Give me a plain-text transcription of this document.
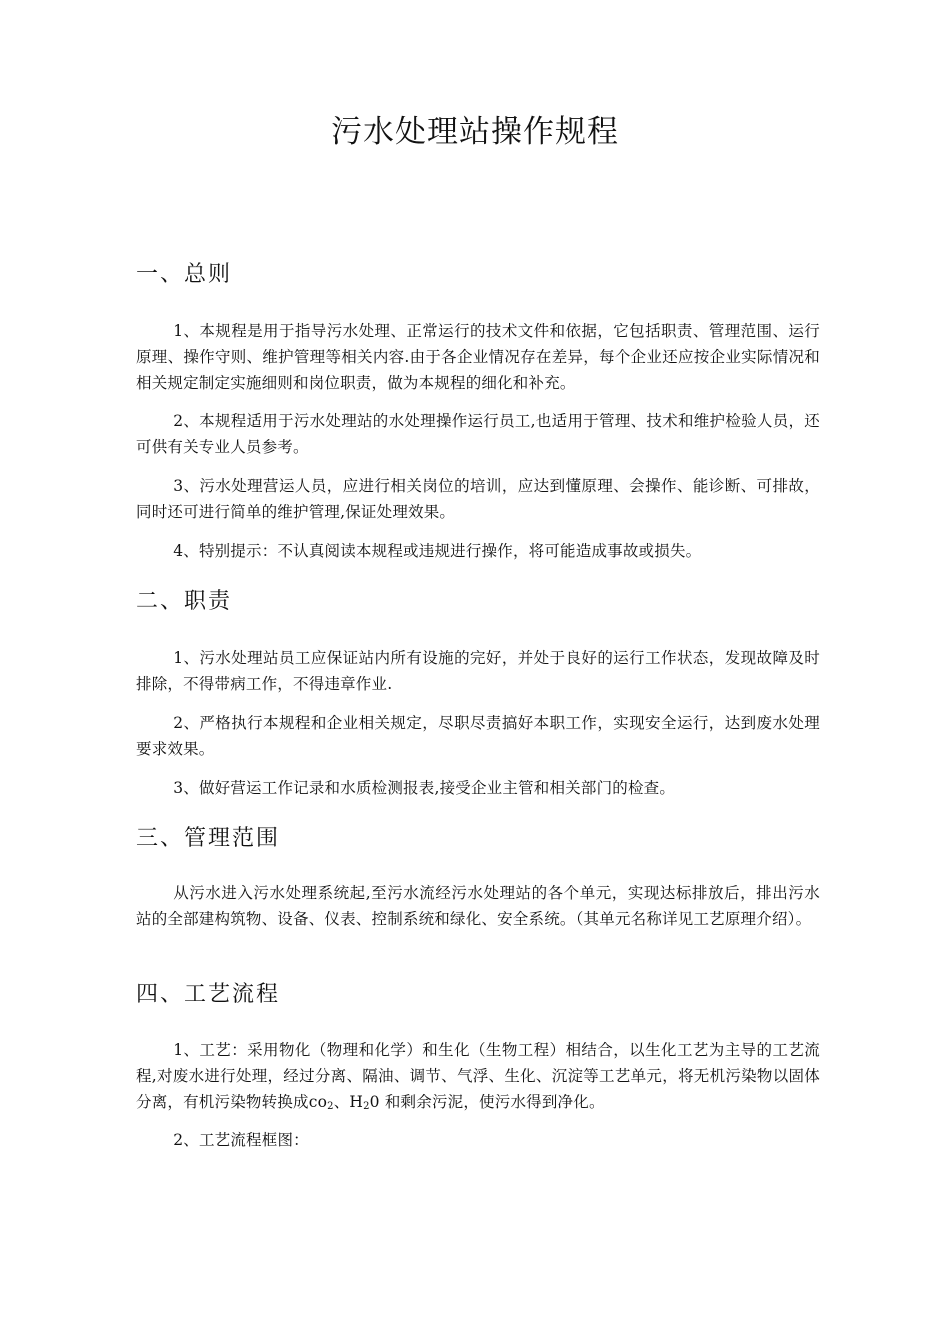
污水处理站操作规程
一、总则
1、本规程是用于指导污水处理、正常运行的技术文件和依据，它包括职责、管理范围、运行原理、操作守则、维护管理等相关内容.由于各企业情况存在差异，每个企业还应按企业实际情况和相关规定制定实施细则和岗位职责，做为本规程的细化和补充。
2、本规程适用于污水处理站的水处理操作运行员工,也适用于管理、技术和维护检验人员，还可供有关专业人员参考。
3、污水处理营运人员，应进行相关岗位的培训，应达到懂原理、会操作、能诊断、可排故，同时还可进行简单的维护管理,保证处理效果。
4、特别提示：不认真阅读本规程或违规进行操作，将可能造成事故或损失。
二、职责
1、污水处理站员工应保证站内所有设施的完好，并处于良好的运行工作状态，发现故障及时排除，不得带病工作，不得违章作业.
2、严格执行本规程和企业相关规定，尽职尽责搞好本职工作，实现安全运行，达到废水处理要求效果。
3、做好营运工作记录和水质检测报表,接受企业主管和相关部门的检查。
三、管理范围
从污水进入污水处理系统起,至污水流经污水处理站的各个单元，实现达标排放后，排出污水站的全部建构筑物、设备、仪表、控制系统和绿化、安全系统。（其单元名称详见工艺原理介绍）。
四、工艺流程
1、工艺：采用物化（物理和化学）和生化（生物工程）相结合，以生化工艺为主导的工艺流程,对废水进行处理，经过分离、隔油、调节、气浮、生化、沉淀等工艺单元，将无机污染物以固体分离，有机污染物转换成$co_2$、$H_20$ 和剩余污泥，使污水得到净化。
2、工艺流程框图：
